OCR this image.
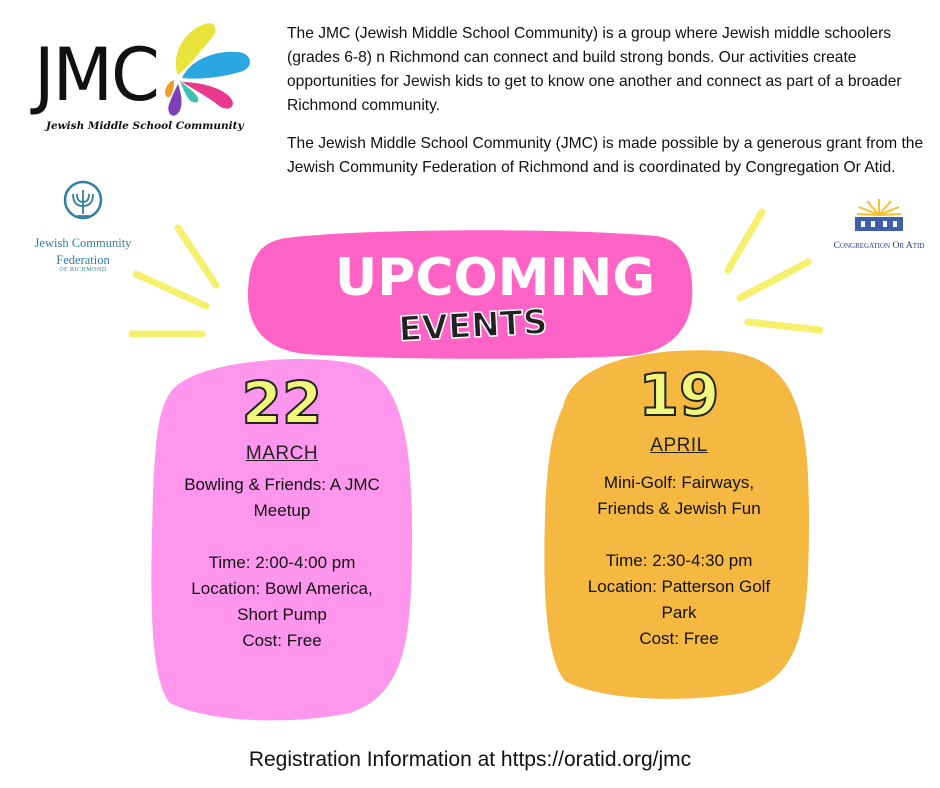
JMC
Jewish Middle School Community

The JMC (Jewish Middle School Community) is a group where Jewish middle schoolers (grades 6-8) n Richmond can connect and build strong bonds. Our activities create opportunities for Jewish kids to get to know one another and connect as part of a broader Richmond community.

The Jewish Middle School Community (JMC) is made possible by a generous grant from the Jewish Community Federation of Richmond and is coordinated by Congregation Or Atid.

Jewish Community
Federation
OF RICHMOND
Congregation Or Atid
UPCOMING
EVENTS
22
MARCH
Bowling & Friends: A JMC
Meetup
Time: 2:00-4:00 pm
Location: Bowl America,
Short Pump
Cost: Free
19
APRIL
Mini-Golf: Fairways,
Friends & Jewish Fun
Time: 2:30-4:30 pm
Location: Patterson Golf
Park
Cost: Free
Registration Information at https://oratid.org/jmc
